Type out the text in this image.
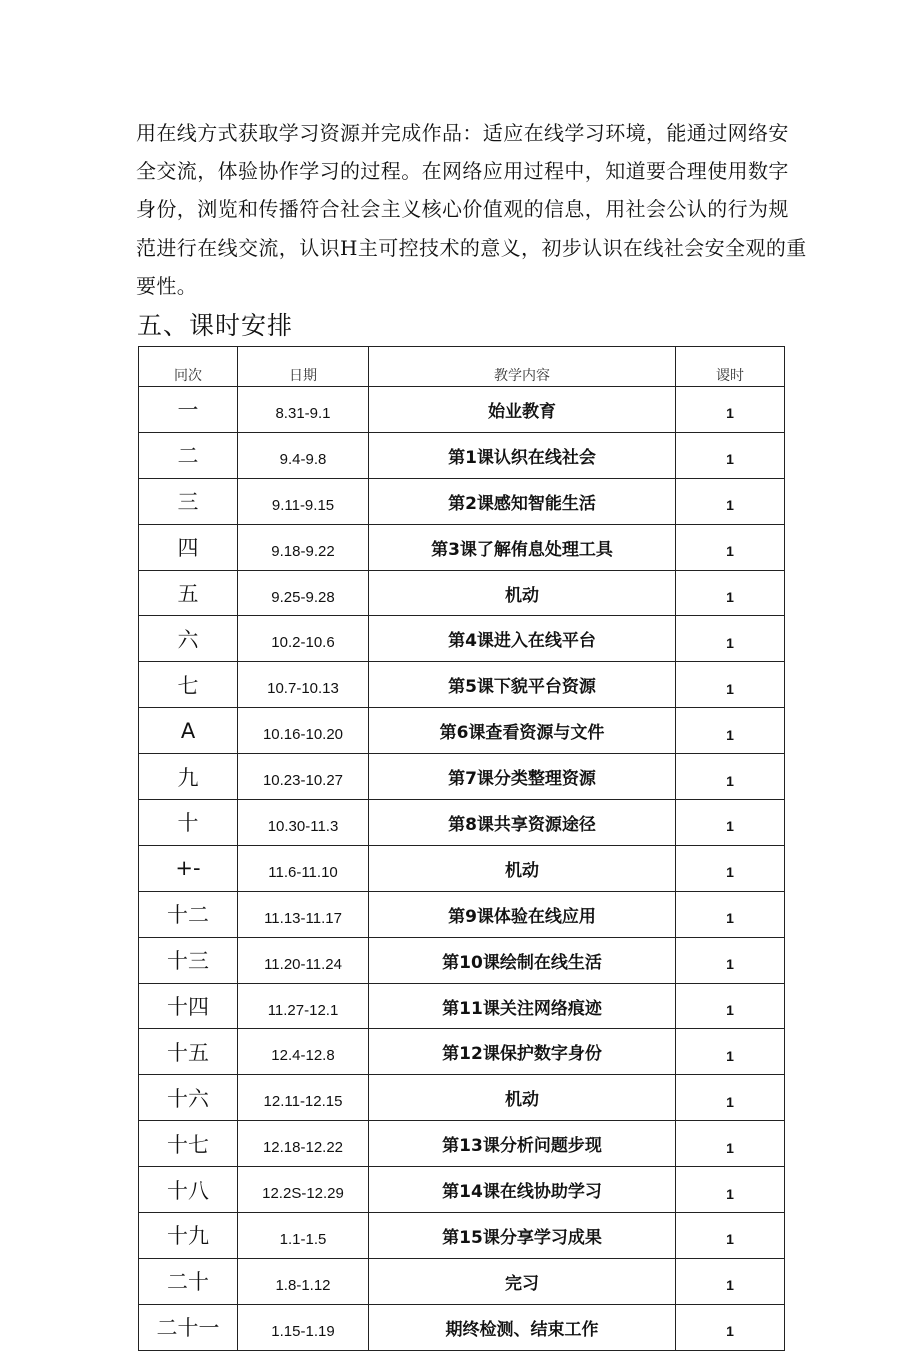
用在线方式获取学习资源并完成作品：适应在线学习环境，能通过网络安

全交流，体验协作学习的过程。在网络应用过程中，知道要合理使用数字

身份，浏览和传播符合社会主义核心价值观的信息，用社会公认的行为规

范进行在线交流，认识H主可控技术的意义，初步认识在线社会安全观的重

要性。

五、课时安排
冋次	日期	教学内容	谡时
一	8.31-9.1	始业教育	1
二	9.4-9.8	第1课认织在线社会	1
三	9.11-9.15	第2课感知智能生活	1
四	9.18-9.22	第3课了解侑息处理工具	1
五	9.25-9.28	机动	1
六	10.2-10.6	第4课进入在线平台	1
七	10.7-10.13	第5课下貌平台资源	1
A	10.16-10.20	第6课查看资源与文件	1
九	10.23-10.27	第7课分类整理资源	1
十	10.30-11.3	第8课共享资源途径	1
+-	11.6-11.10	机动	1
十二	11.13-11.17	第9课体验在线应用	1
十三	11.20-11.24	第10课绘制在线生活	1
十四	11.27-12.1	第11课关注网络痕迹	1
十五	12.4-12.8	第12课保护数字身份	1
十六	12.11-12.15	机动	1
十七	12.18-12.22	第13课分析问题步现	1
十八	12.2S-12.29	第14课在线协助学习	1
十九	1.1-1.5	第15课分享学习成果	1
二十	1.8-1.12	完习	1
二十一	1.15-1.19	期终检测、结束工作	1
